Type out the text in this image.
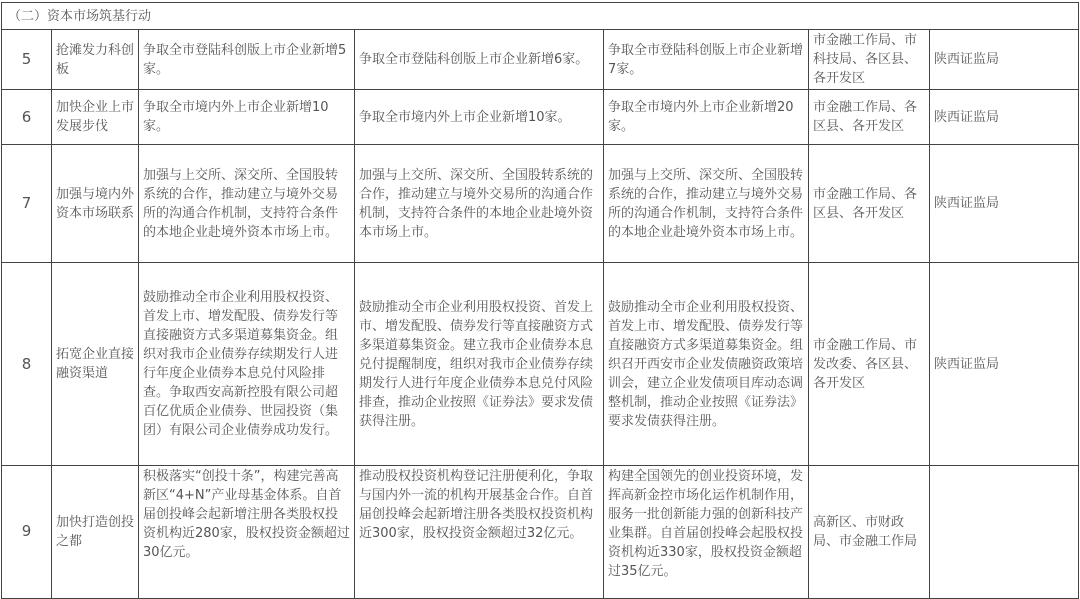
（二）资本市场筑基行动						
5	抢滩发力科创板	争取全市登陆科创版上市企业新增5家。	争取全市登陆科创版上市企业新增6家。	争取全市登陆科创版上市企业新增7家。	市金融工作局、市科技局、各区县、各开发区	陕西证监局
6	加快企业上市发展步伐	争取全市境内外上市企业新增10家。	争取全市境内外上市企业新增10家。	争取全市境内外上市企业新增20家。	市金融工作局、各区县、各开发区	陕西证监局
7	加强与境内外资本市场联系	加强与上交所、深交所、全国股转系统的合作，推动建立与境外交易所的沟通合作机制，支持符合条件的本地企业赴境外资本市场上市。	加强与上交所、深交所、全国股转系统的合作，推动建立与境外交易所的沟通合作机制，支持符合条件的本地企业赴境外资本市场上市。	加强与上交所、深交所、全国股转系统的合作，推动建立与境外交易所的沟通合作机制，支持符合条件的本地企业赴境外资本市场上市。	市金融工作局、各区县、各开发区	陕西证监局
8	拓宽企业直接融资渠道	鼓励推动全市企业利用股权投资、首发上市、增发配股、债券发行等直接融资方式多渠道募集资金。组织对我市企业债券存续期发行人进行年度企业债券本息兑付风险排查。争取西安高新控股有限公司超百亿优质企业债券、世园投资（集团）有限公司企业债券成功发行。	鼓励推动全市企业利用股权投资、首发上市、增发配股、债券发行等直接融资方式多渠道募集资金。建立我市企业债券本息兑付提醒制度，组织对我市企业债券存续期发行人进行年度企业债券本息兑付风险排查，推动企业按照《证券法》要求发债获得注册。	鼓励推动全市企业利用股权投资、首发上市、增发配股、债券发行等直接融资方式多渠道募集资金。组织召开西安市企业发债融资政策培训会，建立企业发债项目库动态调整机制，推动企业按照《证券法》要求发债获得注册。	市金融工作局、市发改委、各区县、各开发区	陕西证监局
9	加快打造创投之都	积极落实“创投十条”，构建完善高新区“4+N”产业母基金体系。自首届创投峰会起新增注册各类股权投资机构近280家，股权投资金额超过30亿元。	推动股权投资机构登记注册便利化，争取与国内外一流的机构开展基金合作。自首届创投峰会起新增注册各类股权投资机构近300家，股权投资金额超过32亿元。	构建全国领先的创业投资环境，发挥高新金控市场化运作机制作用，服务一批创新能力强的创新科技产业集群。自首届创投峰会起股权投资机构近330家，股权投资金额超过35亿元。	高新区、市财政局、市金融工作局	
